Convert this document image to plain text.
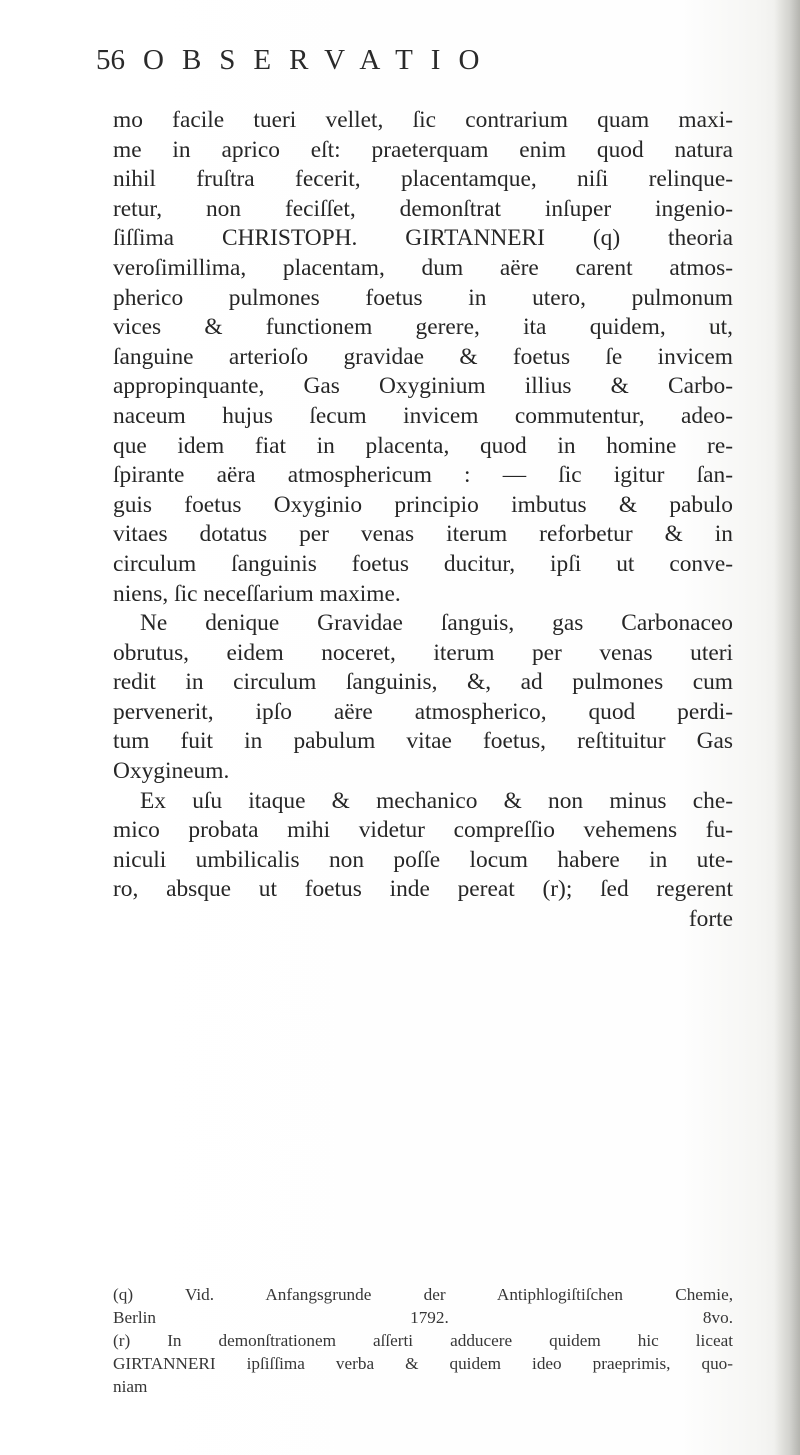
56 OBSERVATIO
mo facile tueri vellet, ſic contrarium quam maxi-
me in aprico eſt: praeterquam enim quod natura
nihil fruſtra fecerit, placentamque, niſi relinque-
retur, non feciſſet, demonſtrat inſuper ingenio-
ſiſſima CHRISTOPH. GIRTANNERI (q) theoria
veroſimillima, placentam, dum aëre carent atmos-
pherico pulmones foetus in utero, pulmonum
vices & functionem gerere, ita quidem, ut,
ſanguine arterioſo gravidae & foetus ſe invicem
appropinquante, Gas Oxyginium illius & Carbo-
naceum hujus ſecum invicem commutentur, adeo-
que idem fiat in placenta, quod in homine re-
ſpirante aëra atmosphericum : — ſic igitur ſan-
guis foetus Oxyginio principio imbutus & pabulo
vitaes dotatus per venas iterum reforbetur & in
circulum ſanguinis foetus ducitur, ipſi ut conve-
niens, ſic neceſſarium maxime.
Ne denique Gravidae ſanguis, gas Carbonaceo
obrutus, eidem noceret, iterum per venas uteri
redit in circulum ſanguinis, &, ad pulmones cum
pervenerit, ipſo aëre atmospherico, quod perdi-
tum fuit in pabulum vitae foetus, reſtituitur Gas
Oxygineum.
Ex uſu itaque & mechanico & non minus che-
mico probata mihi videtur compreſſio vehemens fu-
niculi umbilicalis non poſſe locum habere in ute-
ro, absque ut foetus inde pereat (r); ſed regerent
forte
(q) Vid. Anfangsgrunde der Antiphlogiſtiſchen Chemie,
Berlin 1792. 8vo.
(r) In demonſtrationem aſſerti adducere quidem hic liceat
GIRTANNERI ipſiſſima verba & quidem ideo praeprimis, quo-
niam
